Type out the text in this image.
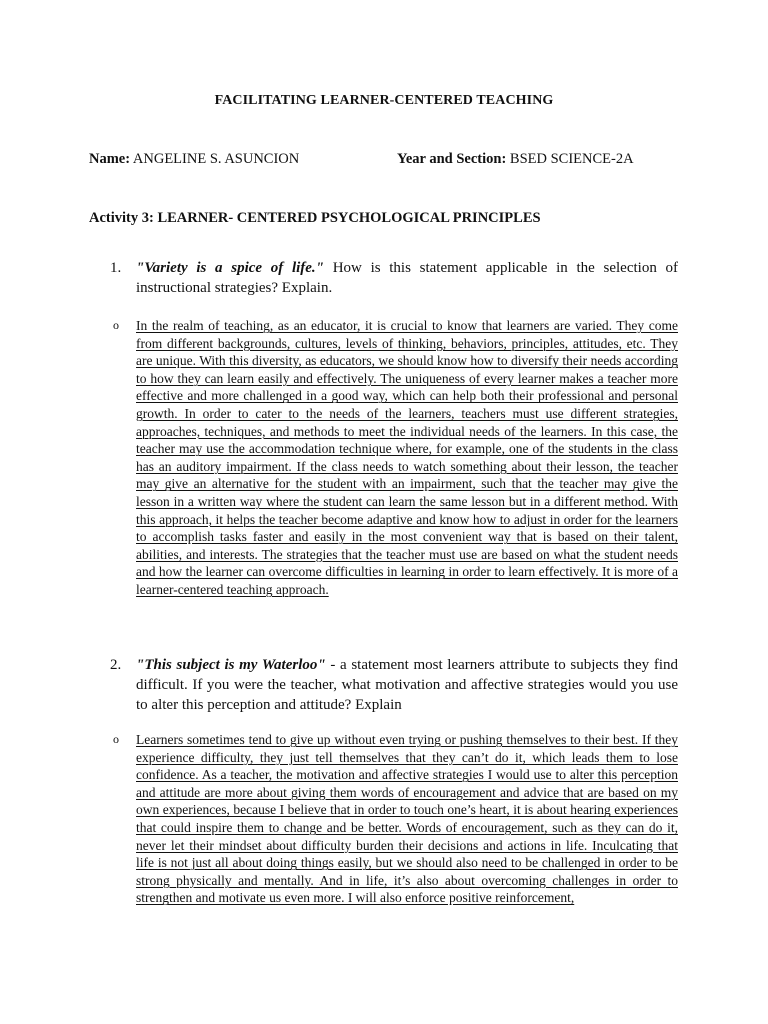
FACILITATING LEARNER-CENTERED TEACHING
Name: ANGELINE S. ASUNCION	Year and Section: BSED SCIENCE-2A
Activity 3: LEARNER- CENTERED PSYCHOLOGICAL PRINCIPLES
1. "Variety is a spice of life." How is this statement applicable in the selection of instructional strategies? Explain.
o In the realm of teaching, as an educator, it is crucial to know that learners are varied. They come from different backgrounds, cultures, levels of thinking, behaviors, principles, attitudes, etc. They are unique. With this diversity, as educators, we should know how to diversify their needs according to how they can learn easily and effectively. The uniqueness of every learner makes a teacher more effective and more challenged in a good way, which can help both their professional and personal growth. In order to cater to the needs of the learners, teachers must use different strategies, approaches, techniques, and methods to meet the individual needs of the learners. In this case, the teacher may use the accommodation technique where, for example, one of the students in the class has an auditory impairment. If the class needs to watch something about their lesson, the teacher may give an alternative for the student with an impairment, such that the teacher may give the lesson in a written way where the student can learn the same lesson but in a different method. With this approach, it helps the teacher become adaptive and know how to adjust in order for the learners to accomplish tasks faster and easily in the most convenient way that is based on their talent, abilities, and interests. The strategies that the teacher must use are based on what the student needs and how the learner can overcome difficulties in learning in order to learn effectively. It is more of a learner-centered teaching approach.
2. "This subject is my Waterloo" - a statement most learners attribute to subjects they find difficult. If you were the teacher, what motivation and affective strategies would you use to alter this perception and attitude? Explain
o Learners sometimes tend to give up without even trying or pushing themselves to their best. If they experience difficulty, they just tell themselves that they can’t do it, which leads them to lose confidence. As a teacher, the motivation and affective strategies I would use to alter this perception and attitude are more about giving them words of encouragement and advice that are based on my own experiences, because I believe that in order to touch one’s heart, it is about hearing experiences that could inspire them to change and be better. Words of encouragement, such as they can do it, never let their mindset about difficulty burden their decisions and actions in life. Inculcating that life is not just all about doing things easily, but we should also need to be challenged in order to be strong physically and mentally. And in life, it’s also about overcoming challenges in order to strengthen and motivate us even more. I will also enforce positive reinforcement,
